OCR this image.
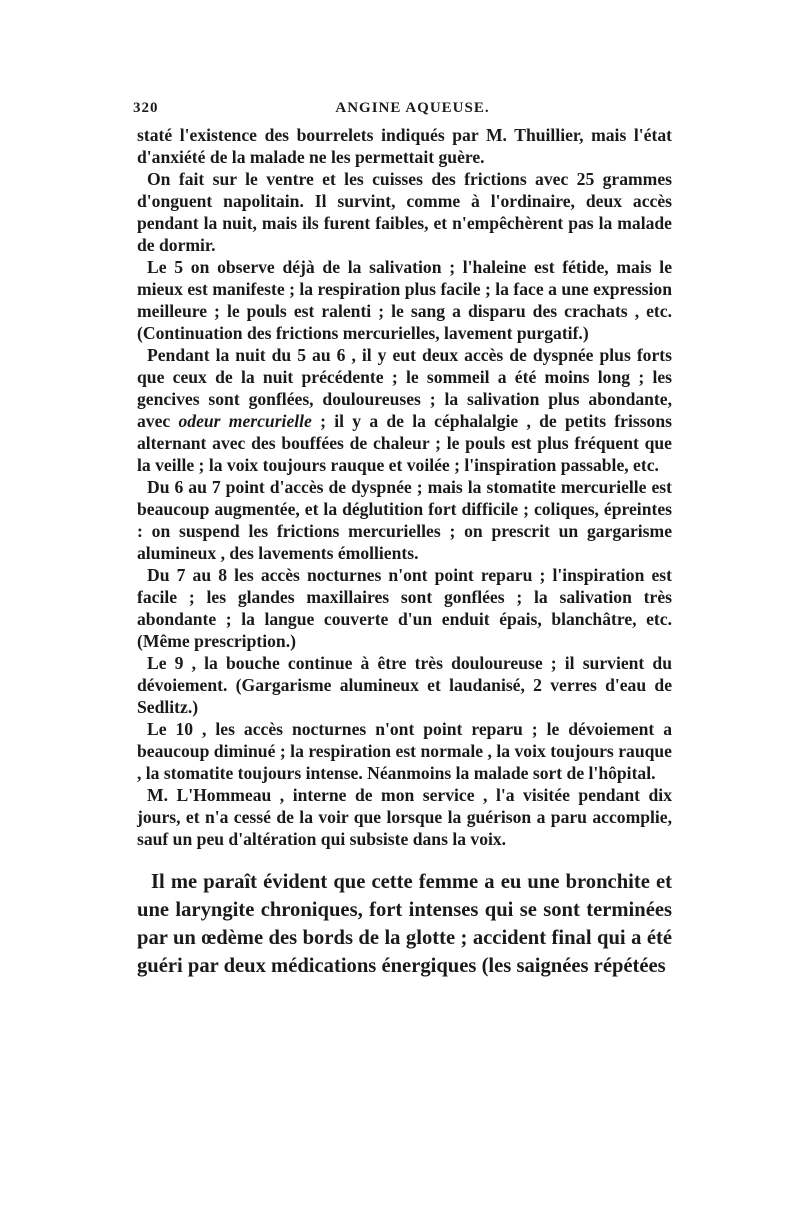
320	ANGINE AQUEUSE.

staté l'existence des bourrelets indiqués par M. Thuillier, mais l'état d'anxiété de la malade ne les permettait guère.

On fait sur le ventre et les cuisses des frictions avec 25 grammes d'onguent napolitain. Il survint, comme à l'ordinaire, deux accès pendant la nuit, mais ils furent faibles, et n'empêchèrent pas la malade de dormir.

Le 5 on observe déjà de la salivation ; l'haleine est fétide, mais le mieux est manifeste ; la respiration plus facile ; la face a une expression meilleure ; le pouls est ralenti ; le sang a disparu des crachats , etc. (Continuation des frictions mercurielles, lavement purgatif.)

Pendant la nuit du 5 au 6 , il y eut deux accès de dyspnée plus forts que ceux de la nuit précédente ; le sommeil a été moins long ; les gencives sont gonflées, douloureuses ; la salivation plus abondante, avec odeur mercurielle ; il y a de la céphalalgie , de petits frissons alternant avec des bouffées de chaleur ; le pouls est plus fréquent que la veille ; la voix toujours rauque et voilée ; l'inspiration passable, etc.

Du 6 au 7 point d'accès de dyspnée ; mais la stomatite mercurielle est beaucoup augmentée, et la déglutition fort difficile ; coliques, épreintes : on suspend les frictions mercurielles ; on prescrit un gargarisme alumineux , des lavements émollients.

Du 7 au 8 les accès nocturnes n'ont point reparu ; l'inspiration est facile ; les glandes maxillaires sont gonflées ; la salivation très abondante ; la langue couverte d'un enduit épais, blanchâtre, etc. (Même prescription.)

Le 9 , la bouche continue à être très douloureuse ; il survient du dévoiement. (Gargarisme alumineux et laudanisé, 2 verres d'eau de Sedlitz.)

Le 10 , les accès nocturnes n'ont point reparu ; le dévoiement a beaucoup diminué ; la respiration est normale , la voix toujours rauque , la stomatite toujours intense. Néanmoins la malade sort de l'hôpital.

M. L'Hommeau , interne de mon service , l'a visitée pendant dix jours, et n'a cessé de la voir que lorsque la guérison a paru accomplie, sauf un peu d'altération qui subsiste dans la voix.

Il me paraît évident que cette femme a eu une bronchite et une laryngite chroniques, fort intenses qui se sont terminées par un œdème des bords de la glotte ; accident final qui a été guéri par deux médications énergiques (les saignées répétées
